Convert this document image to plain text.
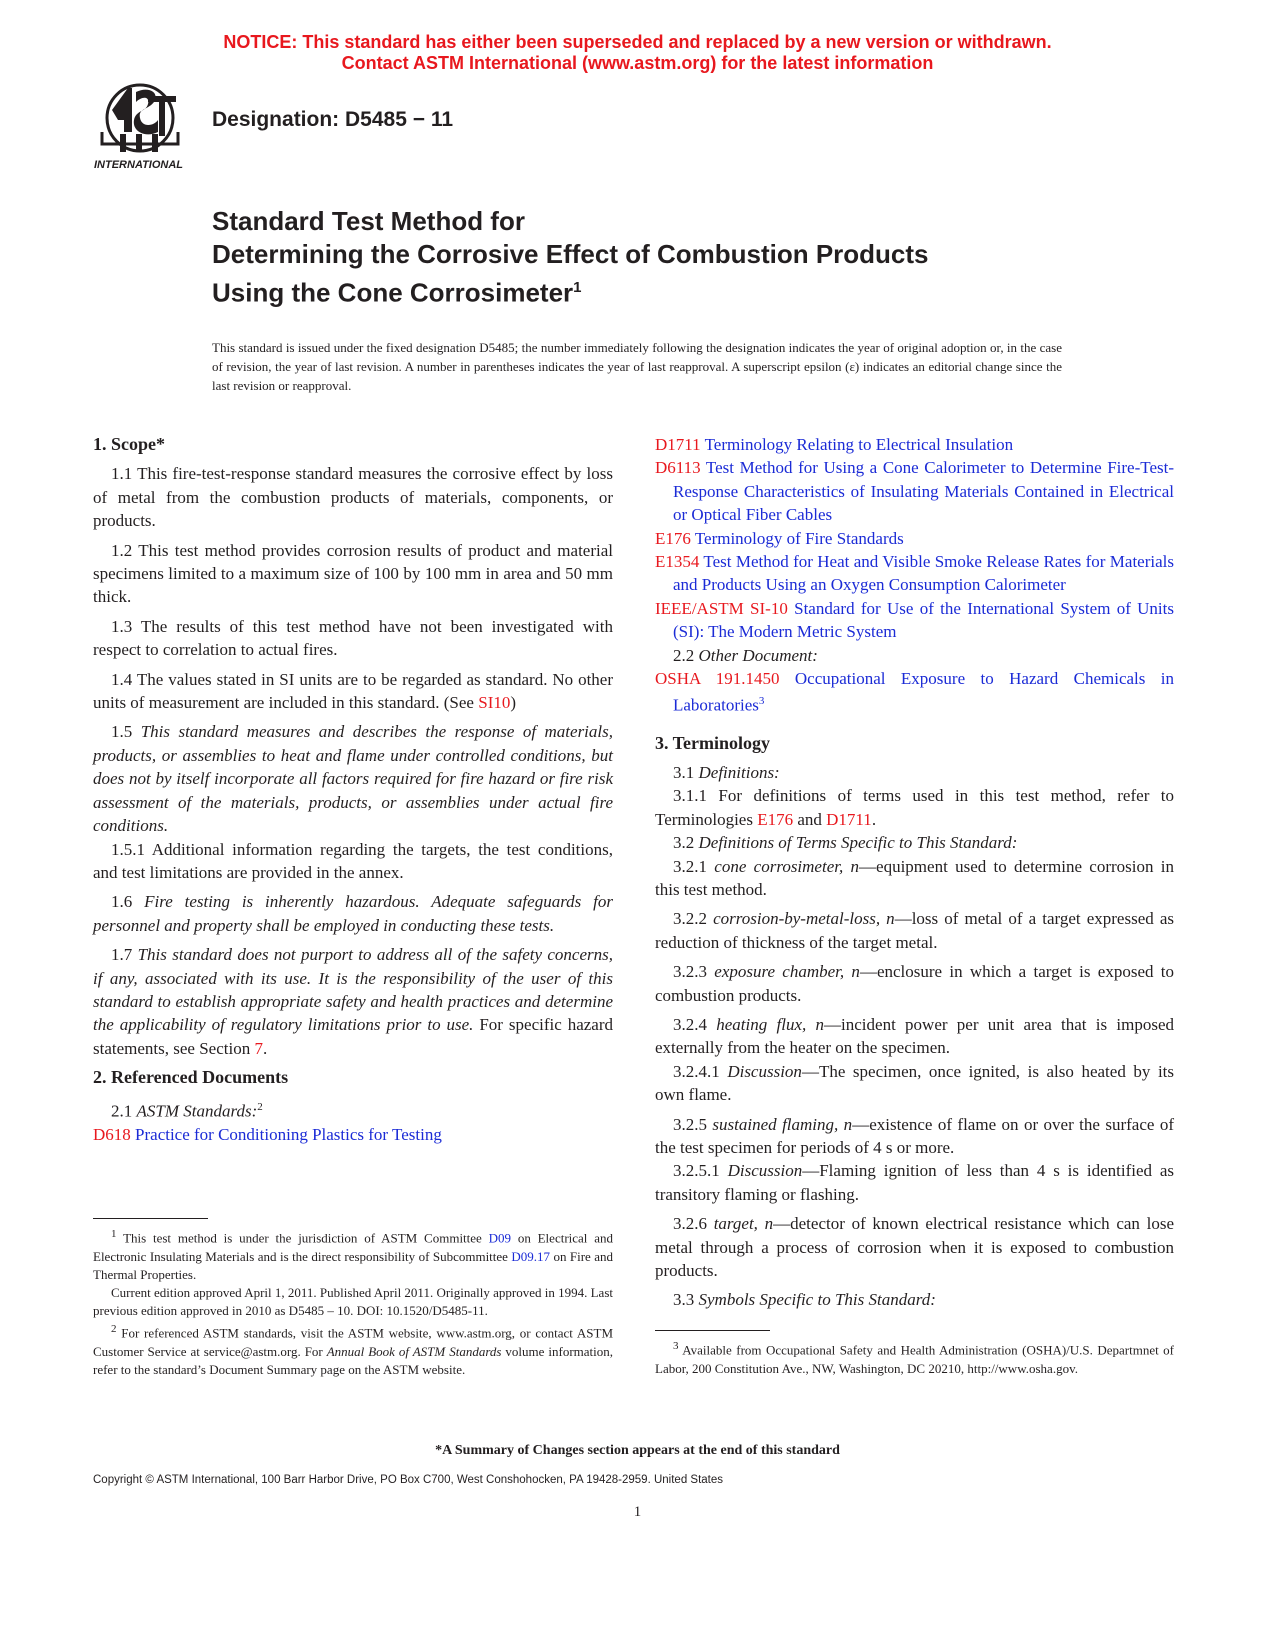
NOTICE: This standard has either been superseded and replaced by a new version or withdrawn.
Contact ASTM International (www.astm.org) for the latest information
INTERNATIONAL
Designation: D5485 − 11
Standard Test Method for
Determining the Corrosive Effect of Combustion Products
Using the Cone Corrosimeter$^1$
This standard is issued under the fixed designation D5485; the number immediately following the designation indicates the year of original adoption or, in the case of revision, the year of last revision. A number in parentheses indicates the year of last reapproval. A superscript epsilon (ε) indicates an editorial change since the last revision or reapproval.
1. Scope*

1.1 This fire-test-response standard measures the corrosive effect by loss of metal from the combustion products of materials, components, or products.

1.2 This test method provides corrosion results of product and material specimens limited to a maximum size of 100 by 100 mm in area and 50 mm thick.

1.3 The results of this test method have not been investigated with respect to correlation to actual fires.

1.4 The values stated in SI units are to be regarded as standard. No other units of measurement are included in this standard. (See SI10)

1.5 This standard measures and describes the response of materials, products, or assemblies to heat and flame under controlled conditions, but does not by itself incorporate all factors required for fire hazard or fire risk assessment of the materials, products, or assemblies under actual fire conditions.

1.5.1 Additional information regarding the targets, the test conditions, and test limitations are provided in the annex.

1.6 Fire testing is inherently hazardous. Adequate safeguards for personnel and property shall be employed in conducting these tests.

1.7 This standard does not purport to address all of the safety concerns, if any, associated with its use. It is the responsibility of the user of this standard to establish appropriate safety and health practices and determine the applicability of regulatory limitations prior to use. For specific hazard statements, see Section 7.

2. Referenced Documents

2.1 ASTM Standards:$^2$

D618 Practice for Conditioning Plastics for Testing
D1711 Terminology Relating to Electrical Insulation
D6113 Test Method for Using a Cone Calorimeter to Determine Fire-Test-Response Characteristics of Insulating Materials Contained in Electrical or Optical Fiber Cables
E176 Terminology of Fire Standards
E1354 Test Method for Heat and Visible Smoke Release Rates for Materials and Products Using an Oxygen Consumption Calorimeter
IEEE/ASTM SI-10 Standard for Use of the International System of Units (SI): The Modern Metric System

2.2 Other Document:

OSHA 191.1450 Occupational Exposure to Hazard Chemicals in Laboratories$^3$
3. Terminology

3.1 Definitions:

3.1.1 For definitions of terms used in this test method, refer to Terminologies E176 and D1711.

3.2 Definitions of Terms Specific to This Standard:

3.2.1 cone corrosimeter, n—equipment used to determine corrosion in this test method.

3.2.2 corrosion-by-metal-loss, n—loss of metal of a target expressed as reduction of thickness of the target metal.

3.2.3 exposure chamber, n—enclosure in which a target is exposed to combustion products.

3.2.4 heating flux, n—incident power per unit area that is imposed externally from the heater on the specimen.

3.2.4.1 Discussion—The specimen, once ignited, is also heated by its own flame.

3.2.5 sustained flaming, n—existence of flame on or over the surface of the test specimen for periods of 4 s or more.

3.2.5.1 Discussion—Flaming ignition of less than 4 s is identified as transitory flaming or flashing.

3.2.6 target, n—detector of known electrical resistance which can lose metal through a process of corrosion when it is exposed to combustion products.

3.3 Symbols Specific to This Standard:

$^1$ This test method is under the jurisdiction of ASTM Committee D09 on Electrical and Electronic Insulating Materials and is the direct responsibility of Subcommittee D09.17 on Fire and Thermal Properties.

Current edition approved April 1, 2011. Published April 2011. Originally approved in 1994. Last previous edition approved in 2010 as D5485 – 10. DOI: 10.1520/D5485-11.

$^2$ For referenced ASTM standards, visit the ASTM website, www.astm.org, or contact ASTM Customer Service at service@astm.org. For Annual Book of ASTM Standards volume information, refer to the standard’s Document Summary page on the ASTM website.

$^3$ Available from Occupational Safety and Health Administration (OSHA)/U.S. Departmnet of Labor, 200 Constitution Ave., NW, Washington, DC 20210, http://www.osha.gov.

*A Summary of Changes section appears at the end of this standard
Copyright © ASTM International, 100 Barr Harbor Drive, PO Box C700, West Conshohocken, PA 19428-2959. United States
1
